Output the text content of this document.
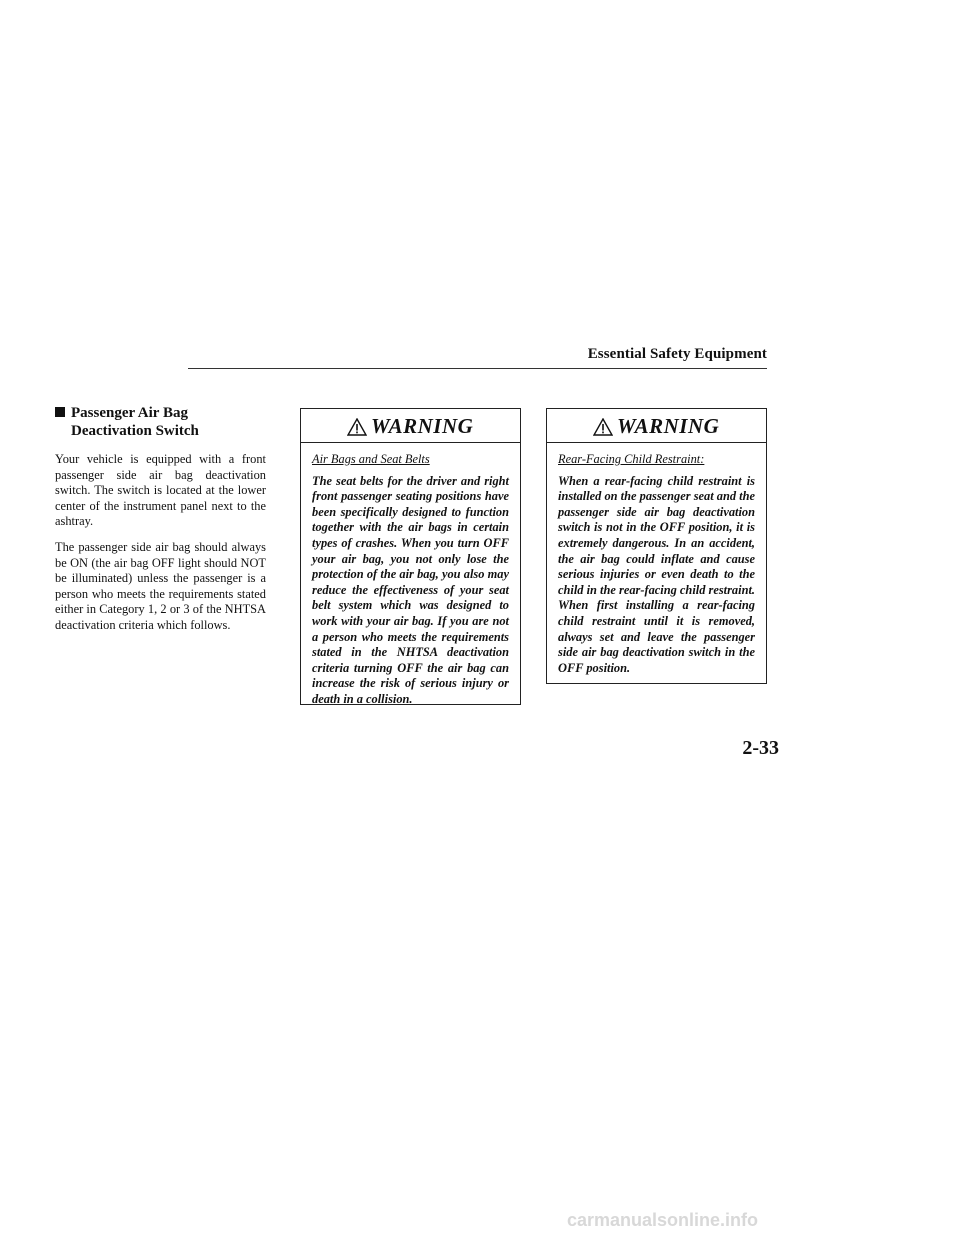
Essential Safety Equipment
Passenger Air Bag
Deactivation Switch

Your vehicle is equipped with a front passenger side air bag deactivation switch. The switch is located at the lower center of the instrument panel next to the ashtray.

The passenger side air bag should always be ON (the air bag OFF light should NOT be illuminated) unless the passenger is a person who meets the requirements stated either in Category 1, 2 or 3 of the NHTSA deactivation criteria which follows.

WARNING

Air Bags and Seat Belts

The seat belts for the driver and right front passenger seating positions have been specifically designed to function together with the air bags in certain types of crashes. When you turn OFF your air bag, you not only lose the protection of the air bag, you also may reduce the effectiveness of your seat belt system which was designed to work with your air bag. If you are not a person who meets the requirements stated in the NHTSA deactivation criteria turning OFF the air bag can increase the risk of serious injury or death in a collision.

WARNING

Rear-Facing Child Restraint:

When a rear-facing child restraint is installed on the passenger seat and the passenger side air bag deactivation switch is not in the OFF position, it is extremely dangerous. In an accident, the air bag could inflate and cause serious injuries or even death to the child in the rear-facing child restraint. When first installing a rear-facing child restraint until it is removed, always set and leave the passenger side air bag deactivation switch in the OFF position.

2-33
carmanualsonline.info
